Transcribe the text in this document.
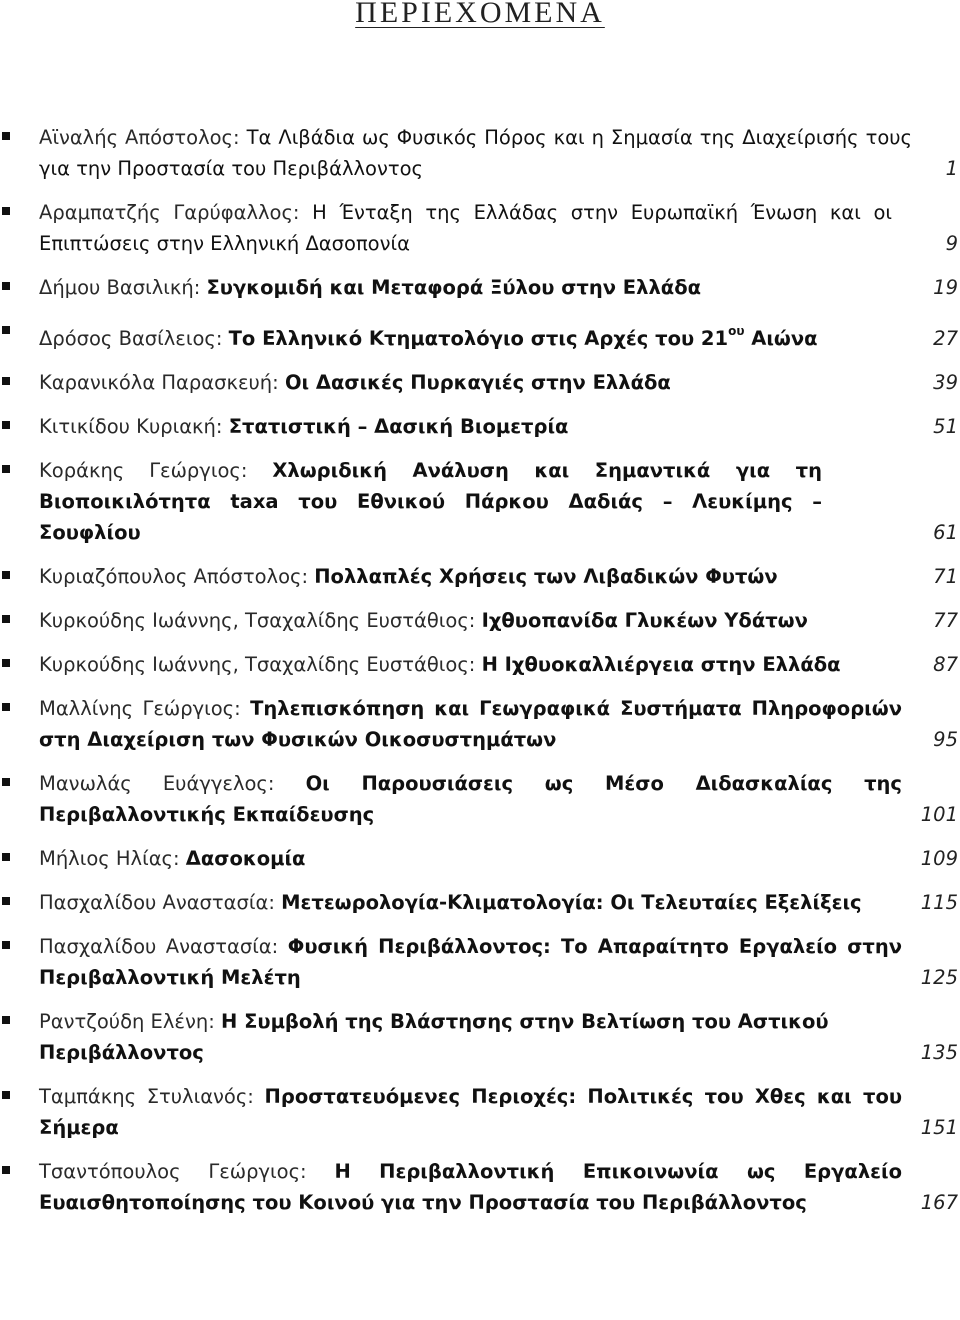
ΠΕΡΙΕΧΟΜΕΝΑ
Αϊναλής Απόστολος: Τα Λιβάδια ως Φυσικός Πόρος και η Σημασία της Διαχείρισής τους για την Προστασία του Περιβάλλοντος	1
Αραμπατζής Γαρύφαλλος: Η Ένταξη της Ελλάδας στην Ευρωπαϊκή Ένωση και οι Επιπτώσεις στην Ελληνική Δασοπονία	9
Δήμου Βασιλική: Συγκομιδή και Μεταφορά Ξύλου στην Ελλάδα	19
Δρόσος Βασίλειος: Το Ελληνικό Κτηματολόγιο στις Αρχές του $21^{o\upsilon}$ Αιώνα	27
Καρανικόλα Παρασκευή: Οι Δασικές Πυρκαγιές στην Ελλάδα	39
Κιτικίδου Κυριακή: Στατιστική – Δασική Βιομετρία	51
Κοράκης Γεώργιος: Χλωριδική Ανάλυση και Σημαντικά για τη Βιοποικιλότητα taxa του Εθνικού Πάρκου Δαδιάς – Λευκίμης – Σουφλίου	61
Κυριαζόπουλος Απόστολος: Πολλαπλές Χρήσεις των Λιβαδικών Φυτών	71
Κυρκούδης Ιωάννης, Τσαχαλίδης Ευστάθιος: Ιχθυοπανίδα Γλυκέων Υδάτων	77
Κυρκούδης Ιωάννης, Τσαχαλίδης Ευστάθιος: Η Ιχθυοκαλλιέργεια στην Ελλάδα	87
Μαλλίνης Γεώργιος: Τηλεπισκόπηση και Γεωγραφικά Συστήματα Πληροφοριών στη Διαχείριση των Φυσικών Οικοσυστημάτων	95
Μανωλάς Ευάγγελος: Οι Παρουσιάσεις ως Μέσο Διδασκαλίας της Περιβαλλοντικής Εκπαίδευσης	101
Μήλιος Ηλίας: Δασοκομία	109
Πασχαλίδου Αναστασία: Μετεωρολογία-Κλιματολογία: Οι Τελευταίες Εξελίξεις	115
Πασχαλίδου Αναστασία: Φυσική Περιβάλλοντος: Το Απαραίτητο Εργαλείο στην Περιβαλλοντική Μελέτη	125
Ραντζούδη Ελένη: Η Συμβολή της Βλάστησης στην Βελτίωση του Αστικού Περιβάλλοντος	135
Ταμπάκης Στυλιανός: Προστατευόμενες Περιοχές: Πολιτικές του Χθες και του Σήμερα	151
Τσαντόπουλος Γεώργιος: Η Περιβαλλοντική Επικοινωνία ως Εργαλείο Ευαισθητοποίησης του Κοινού για την Προστασία του Περιβάλλοντος	167
